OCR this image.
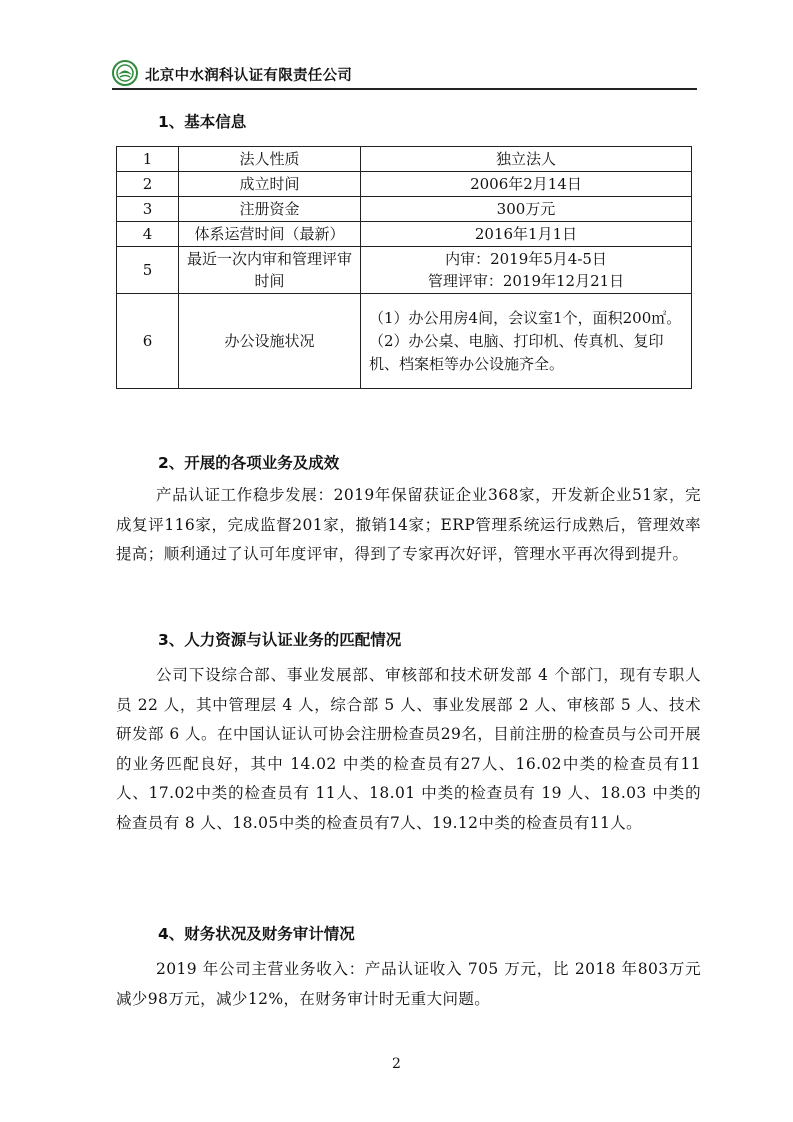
北京中水润科认证有限责任公司
1、基本信息
1	法人性质	独立法人
2	成立时间	2006年2月14日
3	注册资金	300万元
4	体系运营时间（最新）	2016年1月1日
5	最近一次内审和管理评审时间	内审：2019年5月4-5日
管理评审：2019年12月21日
6	办公设施状况	（1）办公用房4间，会议室1个，面积200㎡。
（2）办公桌、电脑、打印机、传真机、复印机、档案柜等办公设施齐全。
2、开展的各项业务及成效
产品认证工作稳步发展：2019年保留获证企业368家，开发新企业51家，完成复评116家，完成监督201家，撤销14家；ERP管理系统运行成熟后，管理效率提高；顺利通过了认可年度评审，得到了专家再次好评，管理水平再次得到提升。
3、人力资源与认证业务的匹配情况
公司下设综合部、事业发展部、审核部和技术研发部 4 个部门，现有专职人员 22 人，其中管理层 4 人，综合部 5 人、事业发展部 2 人、审核部 5 人、技术研发部 6 人。在中国认证认可协会注册检查员29名，目前注册的检查员与公司开展的业务匹配良好，其中 14.02 中类的检查员有27人、16.02中类的检查员有11人、17.02中类的检查员有 11人、18.01 中类的检查员有 19 人、18.03 中类的检查员有 8 人、18.05中类的检查员有7人、19.12中类的检查员有11人。
4、财务状况及财务审计情况
2019 年公司主营业务收入：产品认证收入 705 万元，比 2018 年803万元减少98万元，减少12%，在财务审计时无重大问题。
2
